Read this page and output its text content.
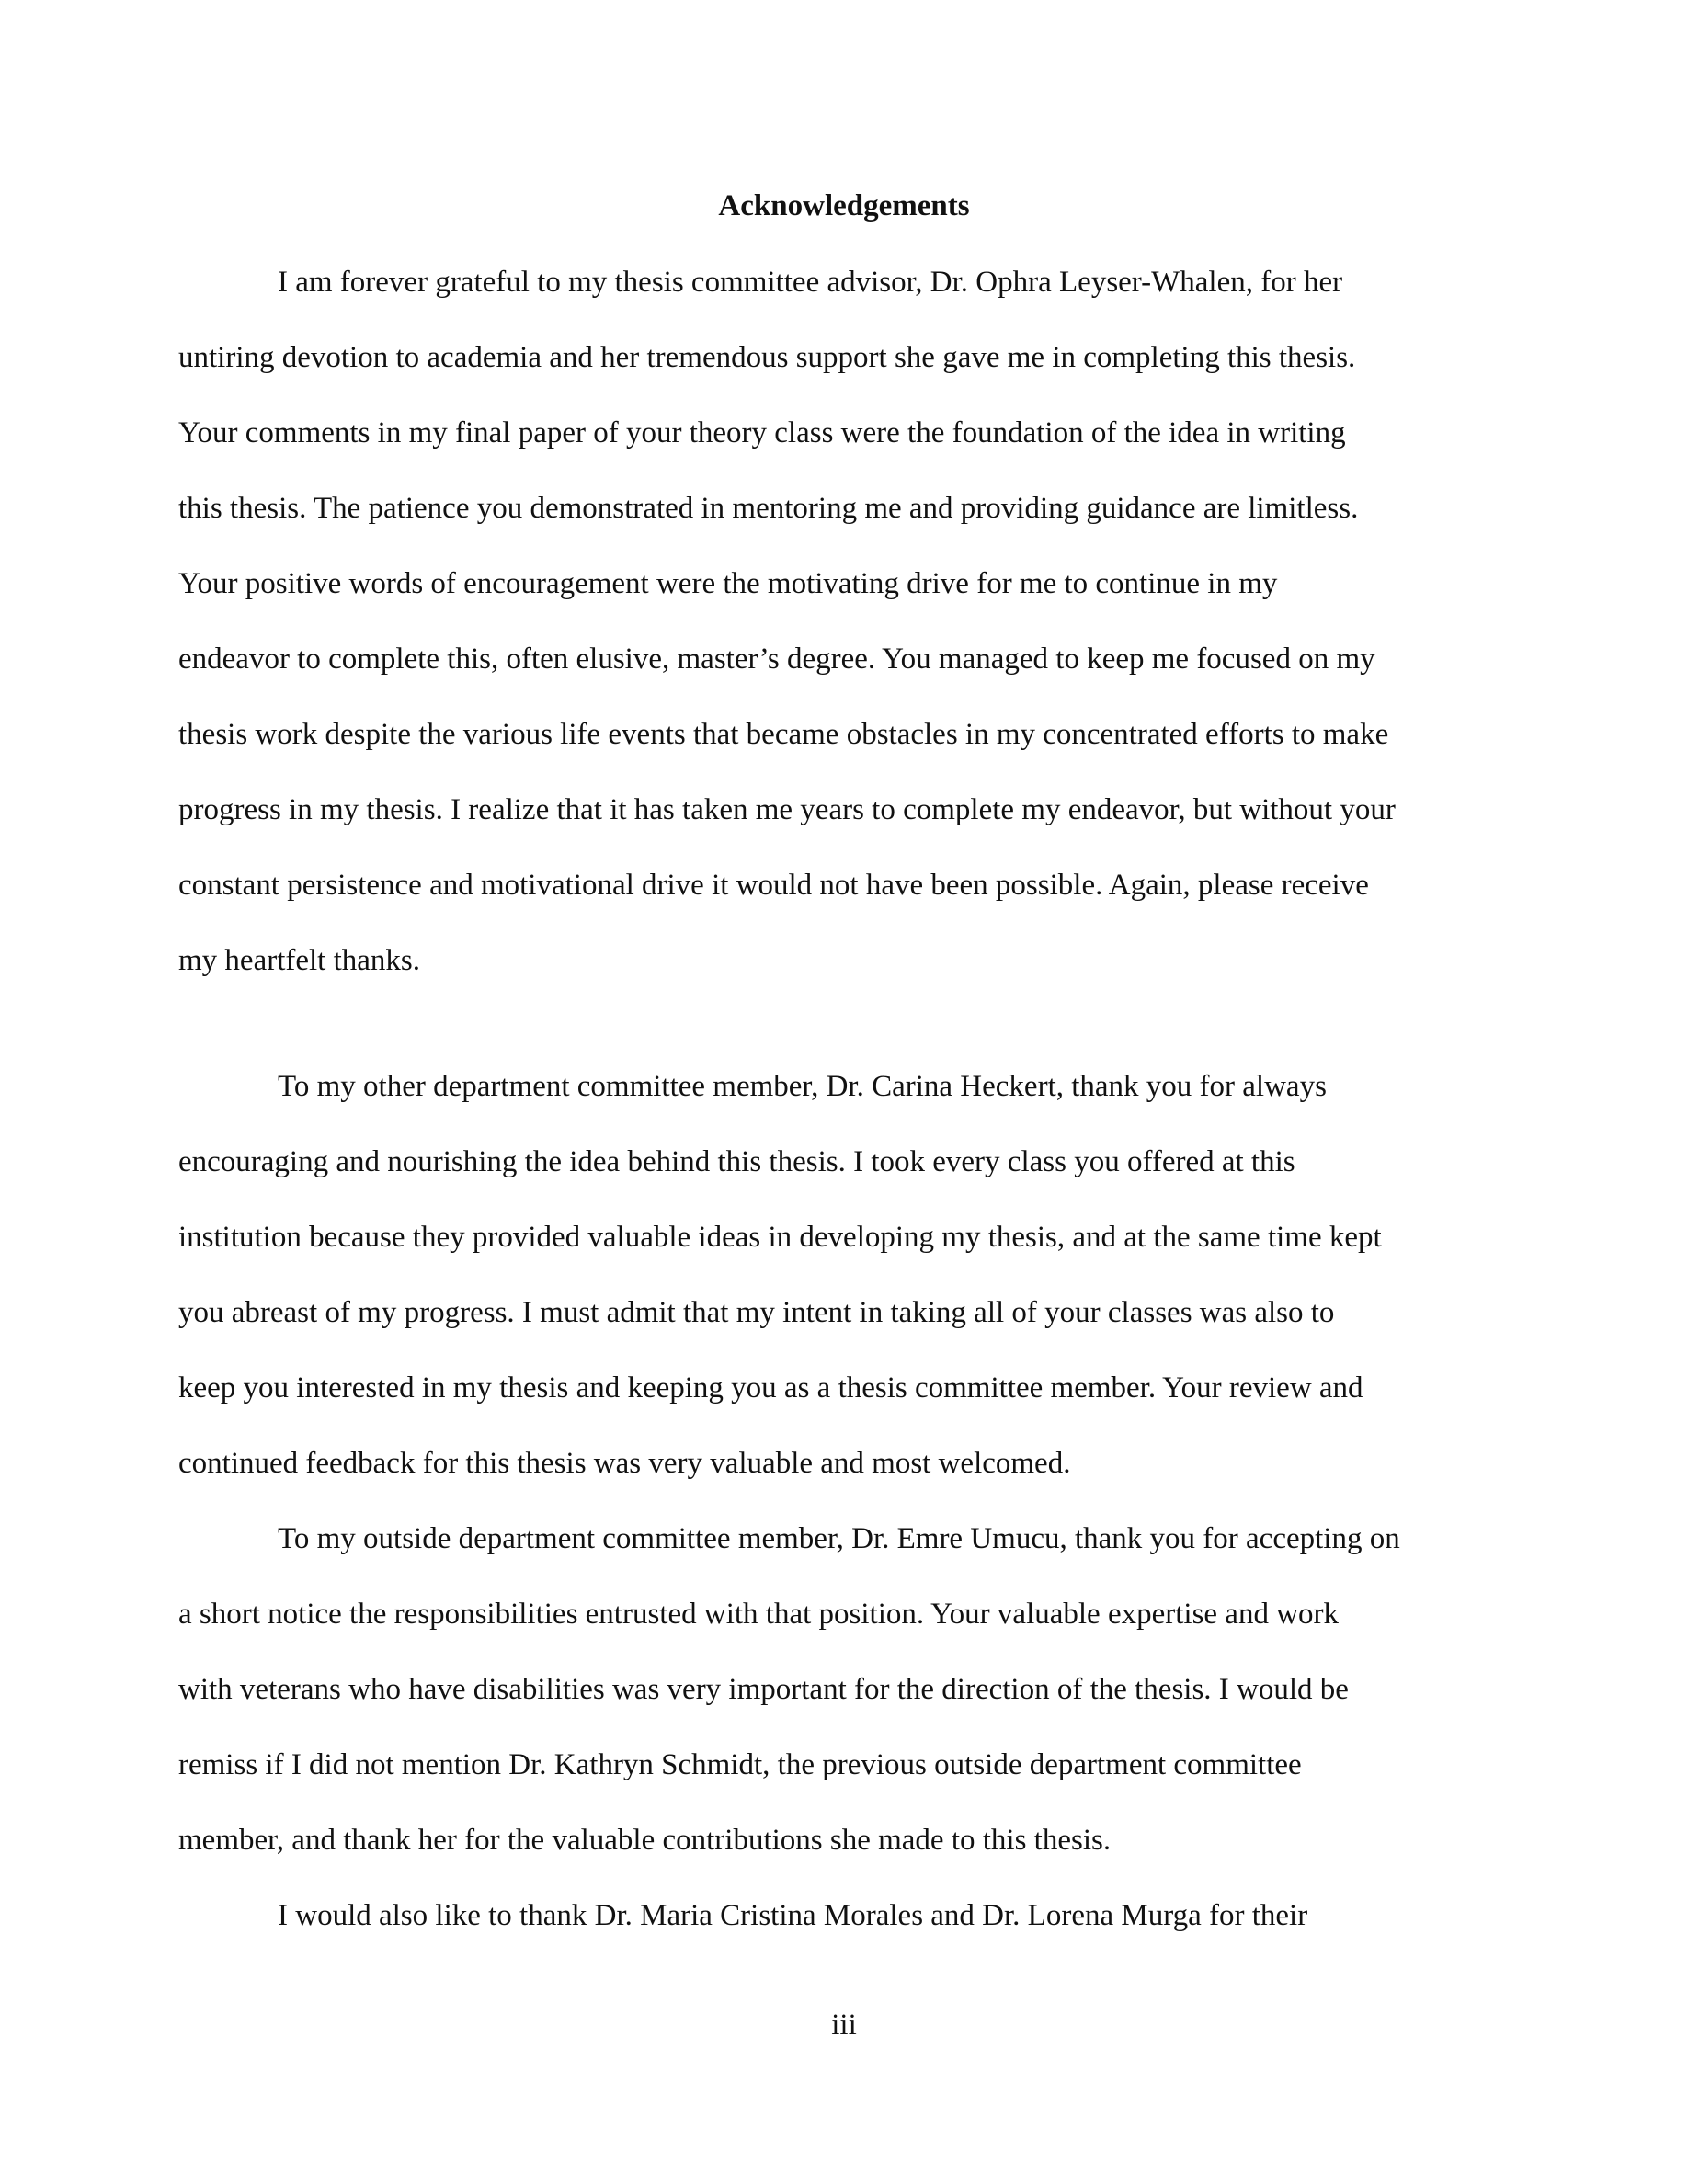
Acknowledgements

I am forever grateful to my thesis committee advisor, Dr. Ophra Leyser-Whalen, for her

untiring devotion to academia and her tremendous support she gave me in completing this thesis.

Your comments in my final paper of your theory class were the foundation of the idea in writing

this thesis. The patience you demonstrated in mentoring me and providing guidance are limitless.

Your positive words of encouragement were the motivating drive for me to continue in my

endeavor to complete this, often elusive, master’s degree. You managed to keep me focused on my

thesis work despite the various life events that became obstacles in my concentrated efforts to make

progress in my thesis. I realize that it has taken me years to complete my endeavor, but without your

constant persistence and motivational drive it would not have been possible. Again, please receive

my heartfelt thanks.

To my other department committee member, Dr. Carina Heckert, thank you for always

encouraging and nourishing the idea behind this thesis. I took every class you offered at this

institution because they provided valuable ideas in developing my thesis, and at the same time kept

you abreast of my progress. I must admit that my intent in taking all of your classes was also to

keep you interested in my thesis and keeping you as a thesis committee member. Your review and

continued feedback for this thesis was very valuable and most welcomed.

To my outside department committee member, Dr. Emre Umucu, thank you for accepting on

a short notice the responsibilities entrusted with that position. Your valuable expertise and work

with veterans who have disabilities was very important for the direction of the thesis. I would be

remiss if I did not mention Dr. Kathryn Schmidt, the previous outside department committee

member, and thank her for the valuable contributions she made to this thesis.

I would also like to thank Dr. Maria Cristina Morales and Dr. Lorena Murga for their

iii
